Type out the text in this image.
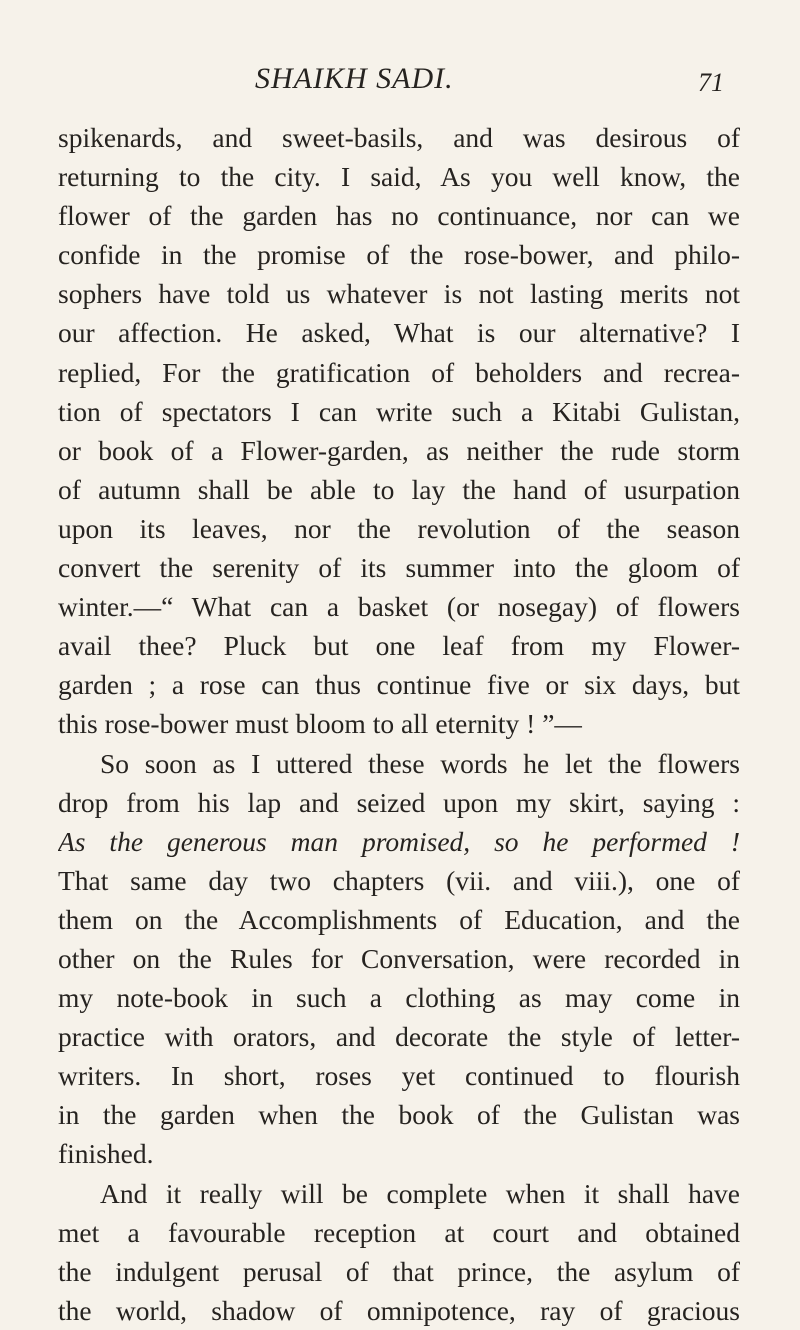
SHAIKH SADI.	71
spikenards, and sweet-basils, and was desirous of
returning to the city. I said, As you well know, the
flower of the garden has no continuance, nor can we
confide in the promise of the rose-bower, and philo-
sophers have told us whatever is not lasting merits not
our affection. He asked, What is our alternative? I
replied, For the gratification of beholders and recrea-
tion of spectators I can write such a Kitabi Gulistan,
or book of a Flower-garden, as neither the rude storm
of autumn shall be able to lay the hand of usurpation
upon its leaves, nor the revolution of the season
convert the serenity of its summer into the gloom of
winter.—“ What can a basket (or nosegay) of flowers
avail thee? Pluck but one leaf from my Flower-
garden ; a rose can thus continue five or six days, but
this rose-bower must bloom to all eternity ! ”—
So soon as I uttered these words he let the flowers
drop from his lap and seized upon my skirt, saying :
As the generous man promised, so he performed !
That same day two chapters (vii. and viii.), one of
them on the Accomplishments of Education, and the
other on the Rules for Conversation, were recorded in
my note-book in such a clothing as may come in
practice with orators, and decorate the style of letter-
writers. In short, roses yet continued to flourish
in the garden when the book of the Gulistan was
finished.
And it really will be complete when it shall have
met a favourable reception at court and obtained
the indulgent perusal of that prince, the asylum of
the world, shadow of omnipotence, ray of gracious
